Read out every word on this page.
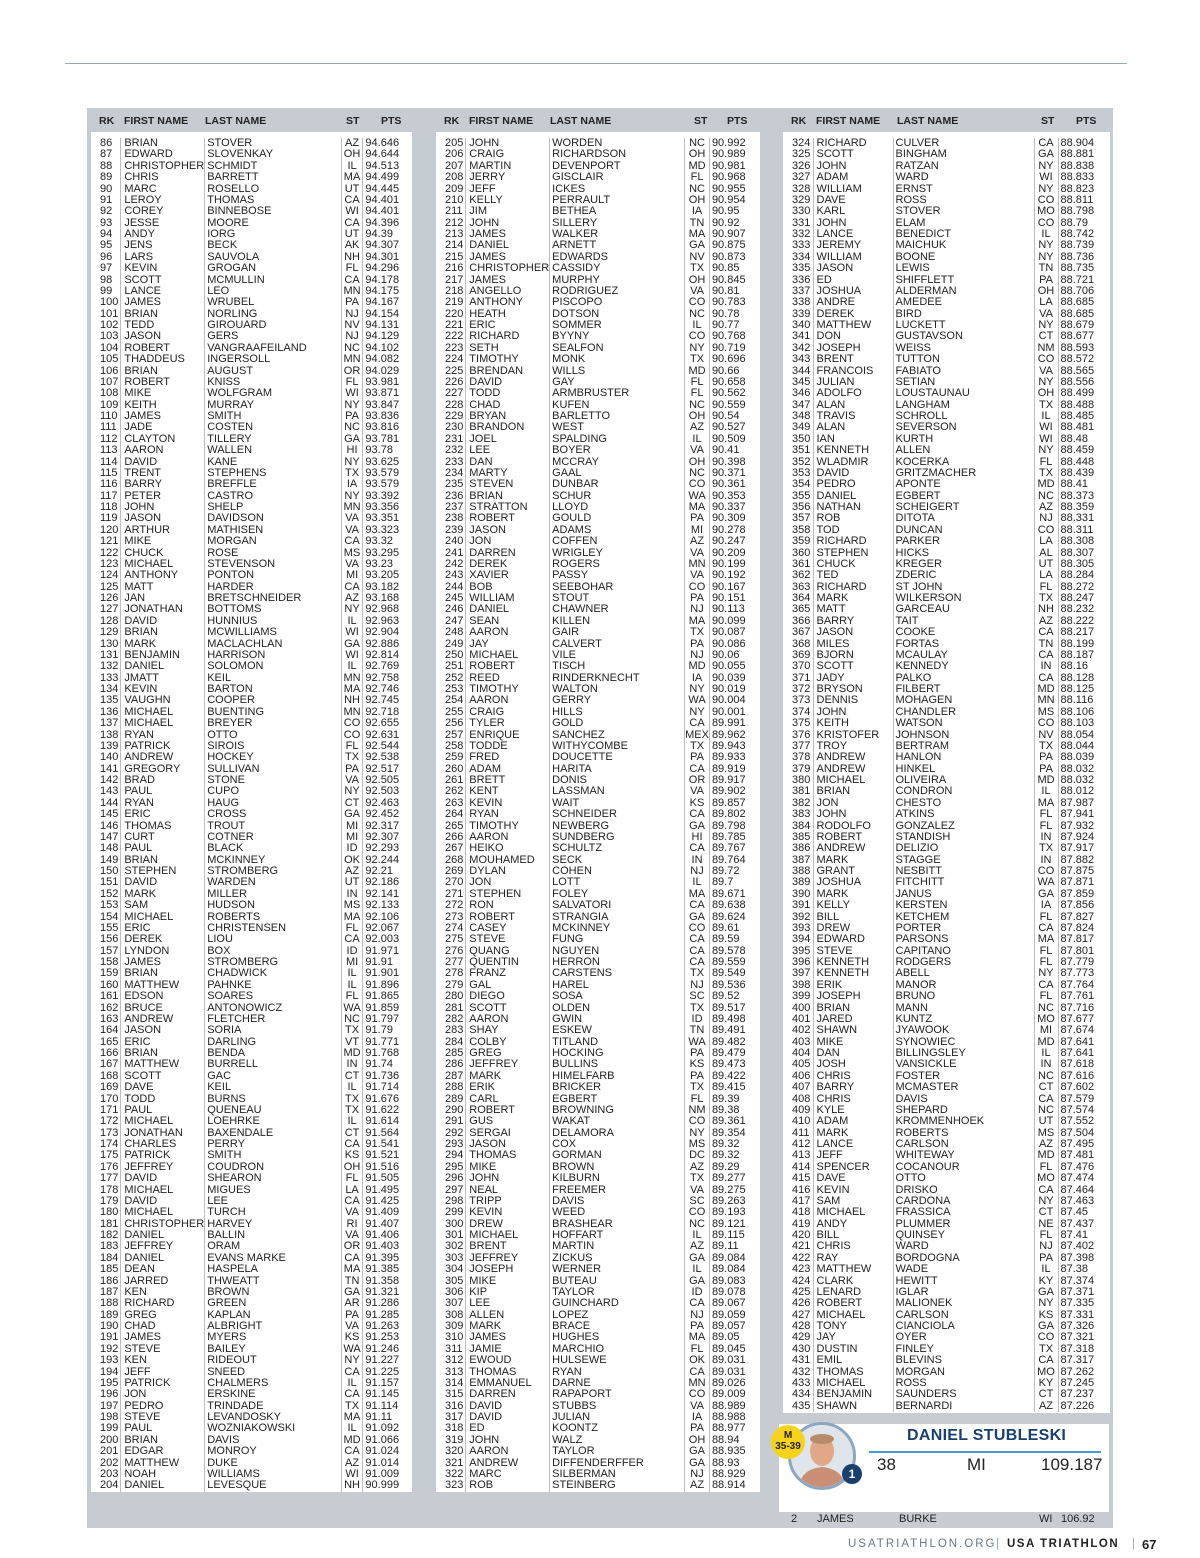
RK FIRST NAME LAST NAME	ST PTS
86	BRIAN	STOVER	AZ	94.646
87	EDWARD	SLOVENKAY	OH	94.644
88	CHRISTOPHER	SCHMIDT	IL	94.513
89	CHRIS	BARRETT	MA	94.499
90	MARC	ROSELLO	UT	94.445
91	LEROY	THOMAS	CA	94.401
92	COREY	BINNEBOSE	WI	94.401
93	JESSE	MOORE	CA	94.396
94	ANDY	IORG	UT	94.39
95	JENS	BECK	AK	94.307
96	LARS	SAUVOLA	NH	94.301
97	KEVIN	GROGAN	FL	94.296
98	SCOTT	MCMULLIN	CA	94.178
99	LANCE	LEO	MN	94.175
100	JAMES	WRUBEL	PA	94.167
101	BRIAN	NORLING	NJ	94.154
102	TEDD	GIROUARD	NV	94.131
103	JASON	GERS	NJ	94.129
104	ROBERT	VANGRAAFEILAND	NC	94.102
105	THADDEUS	INGERSOLL	MN	94.082
106	BRIAN	AUGUST	OR	94.029
107	ROBERT	KNISS	FL	93.981
108	MIKE	WOLFGRAM	WI	93.871
109	KEITH	MURRAY	NY	93.847
110	JAMES	SMITH	PA	93.836
111	JADE	COSTEN	NC	93.816
112	CLAYTON	TILLERY	GA	93.781
113	AARON	WALLEN	HI	93.78
114	DAVID	KANE	NY	93.625
115	TRENT	STEPHENS	TX	93.579
116	BARRY	BREFFLE	IA	93.579
117	PETER	CASTRO	NY	93.392
118	JOHN	SHELP	MN	93.356
119	JASON	DAVIDSON	VA	93.351
120	ARTHUR	MATHISEN	VA	93.323
121	MIKE	MORGAN	CA	93.32
122	CHUCK	ROSE	MS	93.295
123	MICHAEL	STEVENSON	VA	93.23
124	ANTHONY	PONTON	MI	93.205
125	MATT	HARDER	CA	93.182
126	JAN	BRETSCHNEIDER	AZ	93.168
127	JONATHAN	BOTTOMS	NY	92.968
128	DAVID	HUNNIUS	IL	92.963
129	BRIAN	MCWILLIAMS	WI	92.904
130	MARK	MACLACHLAN	GA	92.886
131	BENJAMIN	HARRISON	WI	92.814
132	DANIEL	SOLOMON	IL	92.769
133	JMATT	KEIL	MN	92.758
134	KEVIN	BARTON	MA	92.746
135	VAUGHN	COOPER	NH	92.745
136	MICHAEL	BUENTING	MN	92.718
137	MICHAEL	BREYER	CO	92.655
138	RYAN	OTTO	CO	92.631
139	PATRICK	SIROIS	FL	92.544
140	ANDREW	HOCKEY	TX	92.538
141	GREGORY	SULLIVAN	PA	92.517
142	BRAD	STONE	VA	92.505
143	PAUL	CUPO	NY	92.503
144	RYAN	HAUG	CT	92.463
145	ERIC	CROSS	GA	92.452
146	THOMAS	TROUT	MI	92.317
147	CURT	COTNER	MI	92.307
148	PAUL	BLACK	ID	92.293
149	BRIAN	MCKINNEY	OK	92.244
150	STEPHEN	STROMBERG	AZ	92.21
151	DAVID	WARDEN	UT	92.186
152	MARK	MILLER	IN	92.141
153	SAM	HUDSON	MS	92.133
154	MICHAEL	ROBERTS	MA	92.106
155	ERIC	CHRISTENSEN	FL	92.067
156	DEREK	LIOU	CA	92.003
157	LYNDON	BOX	ID	91.971
158	JAMES	STROMBERG	MI	91.91
159	BRIAN	CHADWICK	IL	91.901
160	MATTHEW	PAHNKE	IL	91.896
161	EDSON	SOARES	FL	91.865
162	BRUCE	ANTONOWICZ	WA	91.859
163	ANDREW	FLETCHER	NC	91.797
164	JASON	SORIA	TX	91.79
165	ERIC	DARLING	VT	91.771
166	BRIAN	BENDA	MD	91.768
167	MATTHEW	BURRELL	IN	91.74
168	SCOTT	GAC	CT	91.736
169	DAVE	KEIL	IL	91.714
170	TODD	BURNS	TX	91.676
171	PAUL	QUENEAU	TX	91.622
172	MICHAEL	LOEHRKE	IL	91.614
173	JONATHAN	BAXENDALE	CT	91.564
174	CHARLES	PERRY	CA	91.541
175	PATRICK	SMITH	KS	91.521
176	JEFFREY	COUDRON	OH	91.516
177	DAVID	SHEARON	FL	91.505
178	MICHAEL	MIGUES	LA	91.495
179	DAVID	LEE	CA	91.425
180	MICHAEL	TURCH	VA	91.409
181	CHRISTOPHER	HARVEY	RI	91.407
182	DANIEL	BALLIN	VA	91.406
183	JEFFREY	ORAM	OR	91.403
184	DANIEL	EVANS MARKE	CA	91.395
185	DEAN	HASPELA	MA	91.385
186	JARRED	THWEATT	TN	91.358
187	KEN	BROWN	GA	91.321
188	RICHARD	GREEN	AR	91.286
189	GREG	KAPLAN	PA	91.285
190	CHAD	ALBRIGHT	VA	91.263
191	JAMES	MYERS	KS	91.253
192	STEVE	BAILEY	WA	91.246
193	KEN	RIDEOUT	NY	91.227
194	JEFF	SNEED	CA	91.225
195	PATRICK	CHALMERS	IL	91.157
196	JON	ERSKINE	CA	91.145
197	PEDRO	TRINDADE	TX	91.114
198	STEVE	LEVANDOSKY	MA	91.11
199	PAUL	WOZNIAKOWSKI	IL	91.092
200	BRIAN	DAVIS	MD	91.066
201	EDGAR	MONROY	CA	91.024
202	MATTHEW	DUKE	AZ	91.014
203	NOAH	WILLIAMS	WI	91.009
204	DANIEL	LEVESQUE	NH	90.999
RK FIRST NAME LAST NAME	ST PTS
205	JOHN	WORDEN	NC	90.992
206	CRAIG	RICHARDSON	OH	90.989
207	MARTIN	DEVENPORT	MD	90.981
208	JERRY	GISCLAIR	FL	90.968
209	JEFF	ICKES	NC	90.955
210	KELLY	PERRAULT	OH	90.954
211	JIM	BETHEA	IA	90.95
212	JOHN	SILLERY	TN	90.92
213	JAMES	WALKER	MA	90.907
214	DANIEL	ARNETT	GA	90.875
215	JAMES	EDWARDS	NV	90.873
216	CHRISTOPHER	CASSIDY	TX	90.85
217	JAMES	MURPHY	OH	90.845
218	ANGELLO	RODRIGUEZ	VA	90.81
219	ANTHONY	PISCOPO	CO	90.783
220	HEATH	DOTSON	NC	90.78
221	ERIC	SOMMER	IL	90.77
222	RICHARD	BYYNY	CO	90.768
223	SETH	SEALFON	NY	90.719
224	TIMOTHY	MONK	TX	90.696
225	BRENDAN	WILLS	MD	90.66
226	DAVID	GAY	FL	90.658
227	TODD	ARMBRUSTER	FL	90.562
228	CHAD	KUFEN	NC	90.559
229	BRYAN	BARLETTO	OH	90.54
230	BRANDON	WEST	AZ	90.527
231	JOEL	SPALDING	IL	90.509
232	LEE	BOYER	VA	90.41
233	DAN	MCCRAY	OH	90.398
234	MARTY	GAAL	NC	90.371
235	STEVEN	DUNBAR	CO	90.361
236	BRIAN	SCHUR	WA	90.353
237	STRATTON	LLOYD	MA	90.337
238	ROBERT	GOULD	PA	90.309
239	JASON	ADAMS	MI	90.278
240	JON	COFFEN	AZ	90.247
241	DARREN	WRIGLEY	VA	90.209
242	DEREK	ROGERS	MN	90.199
243	XAVIER	PASSY	VA	90.192
244	BOB	SEEBOHAR	CO	90.167
245	WILLIAM	STOUT	PA	90.151
246	DANIEL	CHAWNER	NJ	90.113
247	SEAN	KILLEN	MA	90.099
248	AARON	GAIR	TX	90.087
249	JAY	CALVERT	PA	90.086
250	MICHAEL	VILE	NJ	90.06
251	ROBERT	TISCH	MD	90.055
252	REED	RINDERKNECHT	IA	90.039
253	TIMOTHY	WALTON	NY	90.019
254	AARON	GERRY	WA	90.004
255	CRAIG	HILLS	NY	90.001
256	TYLER	GOLD	CA	89.991
257	ENRIQUE	SANCHEZ	MEX	89.962
258	TODDE	WITHYCOMBE	TX	89.943
259	FRED	DOUCETTE	PA	89.933
260	ADAM	HARITA	CA	89.919
261	BRETT	DONIS	OR	89.917
262	KENT	LASSMAN	VA	89.902
263	KEVIN	WAIT	KS	89.857
264	RYAN	SCHNEIDER	CA	89.802
265	TIMOTHY	NEWBERG	GA	89.798
266	AARON	SUNDBERG	HI	89.785
267	HEIKO	SCHULTZ	CA	89.767
268	MOUHAMED	SECK	IN	89.764
269	DYLAN	COHEN	NJ	89.72
270	JON	LOTT	IL	89.7
271	STEPHEN	FOLEY	MA	89.671
272	RON	SALVATORI	CA	89.638
273	ROBERT	STRANGIA	GA	89.624
274	CASEY	MCKINNEY	CO	89.61
275	STEVE	FUNG	CA	89.59
276	QUANG	NGUYEN	CA	89.578
277	QUENTIN	HERRON	CA	89.559
278	FRANZ	CARSTENS	TX	89.549
279	GAL	HAREL	NJ	89.536
280	DIEGO	SOSA	SC	89.52
281	SCOTT	OLDEN	TX	89.517
282	AARON	GWIN	ID	89.498
283	SHAY	ESKEW	TN	89.491
284	COLBY	TITLAND	WA	89.482
285	GREG	HOCKING	PA	89.479
286	JEFFREY	BULLINS	KS	89.473
287	MARK	HIMELFARB	PA	89.422
288	ERIK	BRICKER	TX	89.415
289	CARL	EGBERT	FL	89.39
290	ROBERT	BROWNING	NM	89.38
291	GUS	WAKAT	CO	89.361
292	SERGAI	DELAMORA	NY	89.354
293	JASON	COX	MS	89.32
294	THOMAS	GORMAN	DC	89.32
295	MIKE	BROWN	AZ	89.29
296	JOHN	KILBURN	TX	89.277
297	NEAL	FREEMER	VA	89.275
298	TRIPP	DAVIS	SC	89.263
299	KEVIN	WEED	CO	89.193
300	DREW	BRASHEAR	NC	89.121
301	MICHAEL	HOFFART	IL	89.115
302	BRENT	MARTIN	AZ	89.11
303	JEFFREY	ZICKUS	GA	89.084
304	JOSEPH	WERNER	IL	89.084
305	MIKE	BUTEAU	GA	89.083
306	KIP	TAYLOR	ID	89.078
307	LEE	GUINCHARD	CA	89.067
308	ALLEN	LOPEZ	NJ	89.059
309	MARK	BRACE	PA	89.057
310	JAMES	HUGHES	MA	89.05
311	JAMIE	MARCHIO	FL	89.045
312	EWOUD	HULSEWE	OK	89.031
313	THOMAS	RYAN	CA	89.031
314	EMMANUEL	DARNE	MN	89.026
315	DARREN	RAPAPORT	CO	89.009
316	DAVID	STUBBS	VA	88.989
317	DAVID	JULIAN	IA	88.988
318	ED	KOONTZ	PA	88.977
319	JOHN	WALZ	OH	88.94
320	AARON	TAYLOR	GA	88.935
321	ANDREW	DIFFENDERFFER	GA	88.93
322	MARC	SILBERMAN	NJ	88.929
323	ROB	STEINBERG	AZ	88.914
RK FIRST NAME LAST NAME	ST PTS
324	RICHARD	CULVER	CA	88.904
325	SCOTT	BINGHAM	GA	88.881
326	JOHN	RATZAN	NY	88.838
327	ADAM	WARD	WI	88.833
328	WILLIAM	ERNST	NY	88.823
329	DAVE	ROSS	CO	88.811
330	KARL	STOVER	MO	88.798
331	JOHN	ELAM	CO	88.79
332	LANCE	BENEDICT	IL	88.742
333	JEREMY	MAICHUK	NY	88.739
334	WILLIAM	BOONE	NY	88.736
335	JASON	LEWIS	TN	88.735
336	ED	SHIFFLETT	PA	88.721
337	JOSHUA	ALDERMAN	OH	88.706
338	ANDRE	AMEDEE	LA	88.685
339	DEREK	BIRD	VA	88.685
340	MATTHEW	LUCKETT	NY	88.679
341	DON	GUSTAVSON	CT	88.677
342	JOSEPH	WEISS	NM	88.593
343	BRENT	TUTTON	CO	88.572
344	FRANCOIS	FABIATO	VA	88.565
345	JULIAN	SETIAN	NY	88.556
346	ADOLFO	LOUSTAUNAU	OH	88.499
347	ALAN	LANGHAM	TX	88.488
348	TRAVIS	SCHROLL	IL	88.485
349	ALAN	SEVERSON	WI	88.481
350	IAN	KURTH	WI	88.48
351	KENNETH	ALLEN	NY	88.459
352	WLADMIR	KOCERKA	FL	88.448
353	DAVID	GRITZMACHER	TX	88.439
354	PEDRO	APONTE	MD	88.41
355	DANIEL	EGBERT	NC	88.373
356	NATHAN	SCHEIGERT	AZ	88.359
357	ROB	DITOTA	NJ	88.331
358	TOD	DUNCAN	CO	88.311
359	RICHARD	PARKER	LA	88.308
360	STEPHEN	HICKS	AL	88.307
361	CHUCK	KREGER	UT	88.305
362	TED	ZDERIC	LA	88.284
363	RICHARD	ST JOHN	FL	88.272
364	MARK	WILKERSON	TX	88.247
365	MATT	GARCEAU	NH	88.232
366	BARRY	TAIT	AZ	88.222
367	JASON	COOKE	CA	88.217
368	MILES	FORTAS	TN	88.199
369	BJORN	MCAULAY	CA	88.187
370	SCOTT	KENNEDY	IN	88.16
371	JADY	PALKO	CA	88.128
372	BRYSON	FILBERT	MD	88.125
373	DENNIS	MOHAGEN	MN	88.116
374	JOHN	CHANDLER	MS	88.106
375	KEITH	WATSON	CO	88.103
376	KRISTOFER	JOHNSON	NV	88.054
377	TROY	BERTRAM	TX	88.044
378	ANDREW	HANLON	PA	88.039
379	ANDREW	HINKEL	PA	88.032
380	MICHAEL	OLIVEIRA	MD	88.032
381	BRIAN	CONDRON	IL	88.012
382	JON	CHESTO	MA	87.987
383	JOHN	ATKINS	FL	87.941
384	RODOLFO	GONZALEZ	FL	87.932
385	ROBERT	STANDISH	IN	87.924
386	ANDREW	DELIZIO	TX	87.917
387	MARK	STAGGE	IN	87.882
388	GRANT	NESBITT	CO	87.875
389	JOSHUA	FITCHITT	WA	87.871
390	MARK	JANUS	GA	87.859
391	KELLY	KERSTEN	IA	87.856
392	BILL	KETCHEM	FL	87.827
393	DREW	PORTER	CA	87.824
394	EDWARD	PARSONS	MA	87.817
395	STEVE	CAPITANO	FL	87.801
396	KENNETH	RODGERS	FL	87.779
397	KENNETH	ABELL	NY	87.773
398	ERIK	MANOR	CA	87.764
399	JOSEPH	BRUNO	FL	87.761
400	BRIAN	MANN	NC	87.716
401	JARED	KUNTZ	MO	87.677
402	SHAWN	JYAWOOK	MI	87.674
403	MIKE	SYNOWIEC	MD	87.641
404	DAN	BILLINGSLEY	IL	87.641
405	JOSH	VANSICKLE	IN	87.618
406	CHRIS	FOSTER	NC	87.616
407	BARRY	MCMASTER	CT	87.602
408	CHRIS	DAVIS	CA	87.579
409	KYLE	SHEPARD	NC	87.574
410	ADAM	KROMMENHOEK	UT	87.552
411	MARK	ROBERTS	MS	87.504
412	LANCE	CARLSON	AZ	87.495
413	JEFF	WHITEWAY	MD	87.481
414	SPENCER	COCANOUR	FL	87.476
415	DAVE	OTTO	MO	87.474
416	KEVIN	DRISKO	CA	87.464
417	SAM	CARDONA	NY	87.463
418	MICHAEL	FRASSICA	CT	87.45
419	ANDY	PLUMMER	NE	87.437
420	BILL	QUINSEY	FL	87.41
421	CHRIS	WARD	NJ	87.402
422	RAY	BORDOGNA	PA	87.398
423	MATTHEW	WADE	IL	87.38
424	CLARK	HEWITT	KY	87.374
425	LENARD	IGLAR	GA	87.371
426	ROBERT	MALIONEK	NY	87.335
427	MICHAEL	CARLSON	KS	87.331
428	TONY	CIANCIOLA	GA	87.326
429	JAY	OYER	CO	87.321
430	DUSTIN	FINLEY	TX	87.318
431	EMIL	BLEVINS	CA	87.317
432	THOMAS	MORGAN	MO	87.262
433	MICHAEL	ROSS	KY	87.245
434	BENJAMIN	SAUNDERS	CT	87.237
435	SHAWN	BERNARDI	AZ	87.226
DANIEL STUBLESKI
38	MI	109.187
M
35-39
1
2 JAMES	BURKE	WI 106.92
USATRIATHLON.ORG | USA TRIATHLON | 67
